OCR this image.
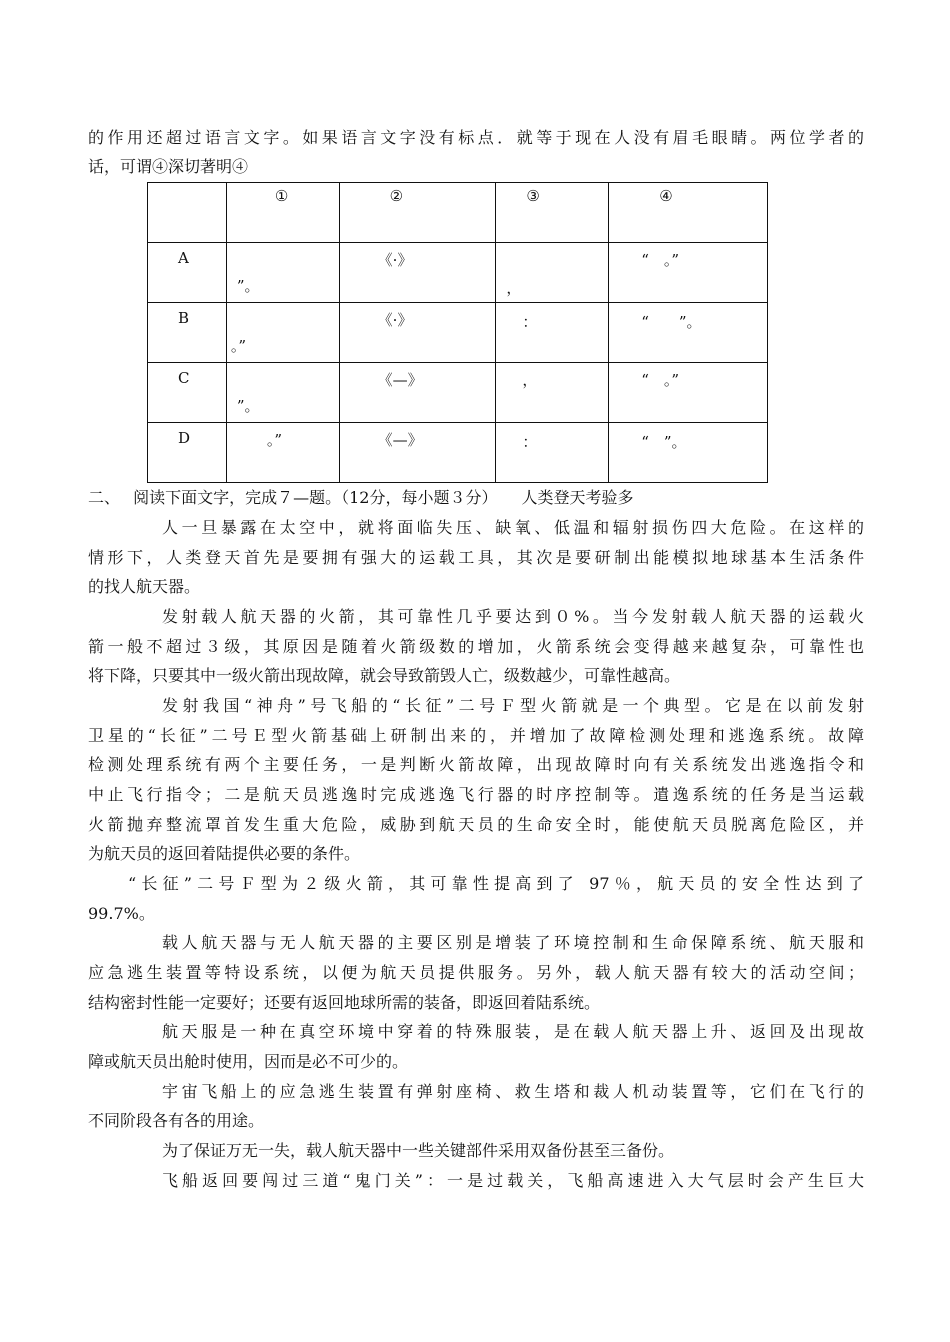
的作用还超过语言文字。如果语言文字没有标点．就等于现在人没有眉毛眼睛。两位学者的
话，可谓④深切著明④

	①	②	③	④

A	”。	《·》	，	“　。”

B	。”	《·》	：	“　　”。

C	”。	《—》	，	“　。”

D	。”	《—》	：	“　”。
二、　 阅读下面文字，完成７—题。（12分，每小题３分）　　人类登天考验多
人一旦暴露在太空中，就将面临失压、缺氧、低温和辐射损伤四大危险。在这样的
情形下，人类登天首先是要拥有强大的运载工具，其次是要研制出能模拟地球基本生活条件
的找人航天器。
发射载人航天器的火箭，其可靠性几乎要达到０%。当今发射载人航天器的运载火
箭一般不超过３级，其原因是随着火箭级数的增加，火箭系统会变得越来越复杂，可靠性也
将下降，只要其中一级火箭出现故障，就会导致箭毁人亡，级数越少，可靠性越高。
发射我国“神舟”号飞船的“长征”二号Ｆ型火箭就是一个典型。它是在以前发射
卫星的“长征”二号Ｅ型火箭基础上研制出来的，并增加了故障检测处理和逃逸系统。故障
检测处理系统有两个主要任务，一是判断火箭故障，出现故障时向有关系统发出逃逸指令和
中止飞行指令；二是航天员逃逸时完成逃逸飞行器的时序控制等。遣逸系统的任务是当运载
火箭抛弃整流罩首发生重大危险，威胁到航天员的生命安全时，能使航天员脱离危险区，并
为航天员的返回着陆提供必要的条件。
“长征”二号Ｆ型为２级火箭，其可靠性提高到了 97％，航天员的安全性达到了
99.7%。
载人航天器与无人航天器的主要区别是增装了环境控制和生命保障系统、航天服和
应急逃生装置等特设系统，以便为航天员提供服务。另外，载人航天器有较大的活动空间；
结构密封性能一定要好；还要有返回地球所需的装备，即返回着陆系统。
航天服是一种在真空环境中穿着的特殊服装，是在载人航天器上升、返回及出现故
障或航天员出舱时使用，因而是必不可少的。
宇宙飞船上的应急逃生装置有弹射座椅、救生塔和裁人机动装置等，它们在飞行的
不同阶段各有各的用途。
为了保证万无一失，载人航天器中一些关键部件采用双备份甚至三备份。
飞船返回要闯过三道“鬼门关”：一是过载关，飞船高速进入大气层时会产生巨大
